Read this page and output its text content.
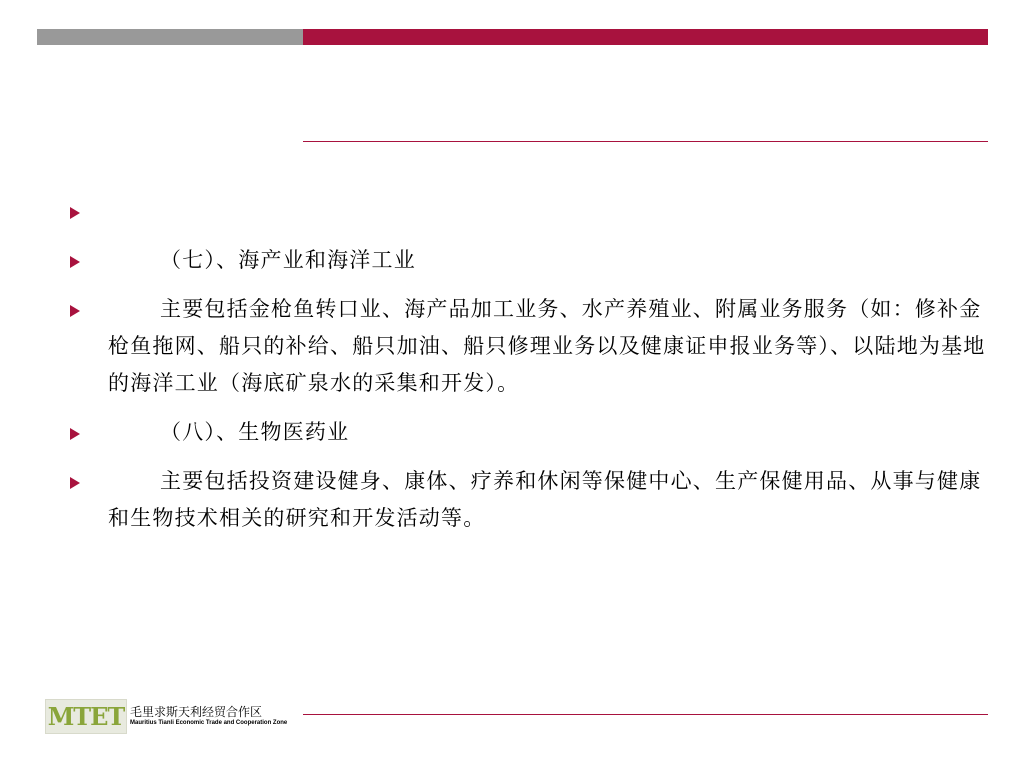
（七）、海产业和海洋工业
主要包括金枪鱼转口业、海产品加工业务、水产养殖业、附属业务服务（如：修补金枪鱼拖网、船只的补给、船只加油、船只修理业务以及健康证申报业务等）、以陆地为基地的海洋工业（海底矿泉水的采集和开发）。
（八）、生物医药业
主要包括投资建设健身、康体、疗养和休闲等保健中心、生产保健用品、从事与健康和生物技术相关的研究和开发活动等。
MTET 毛里求斯天利经贸合作区
Mauritius Tianli Economic Trade and Cooperation Zone
